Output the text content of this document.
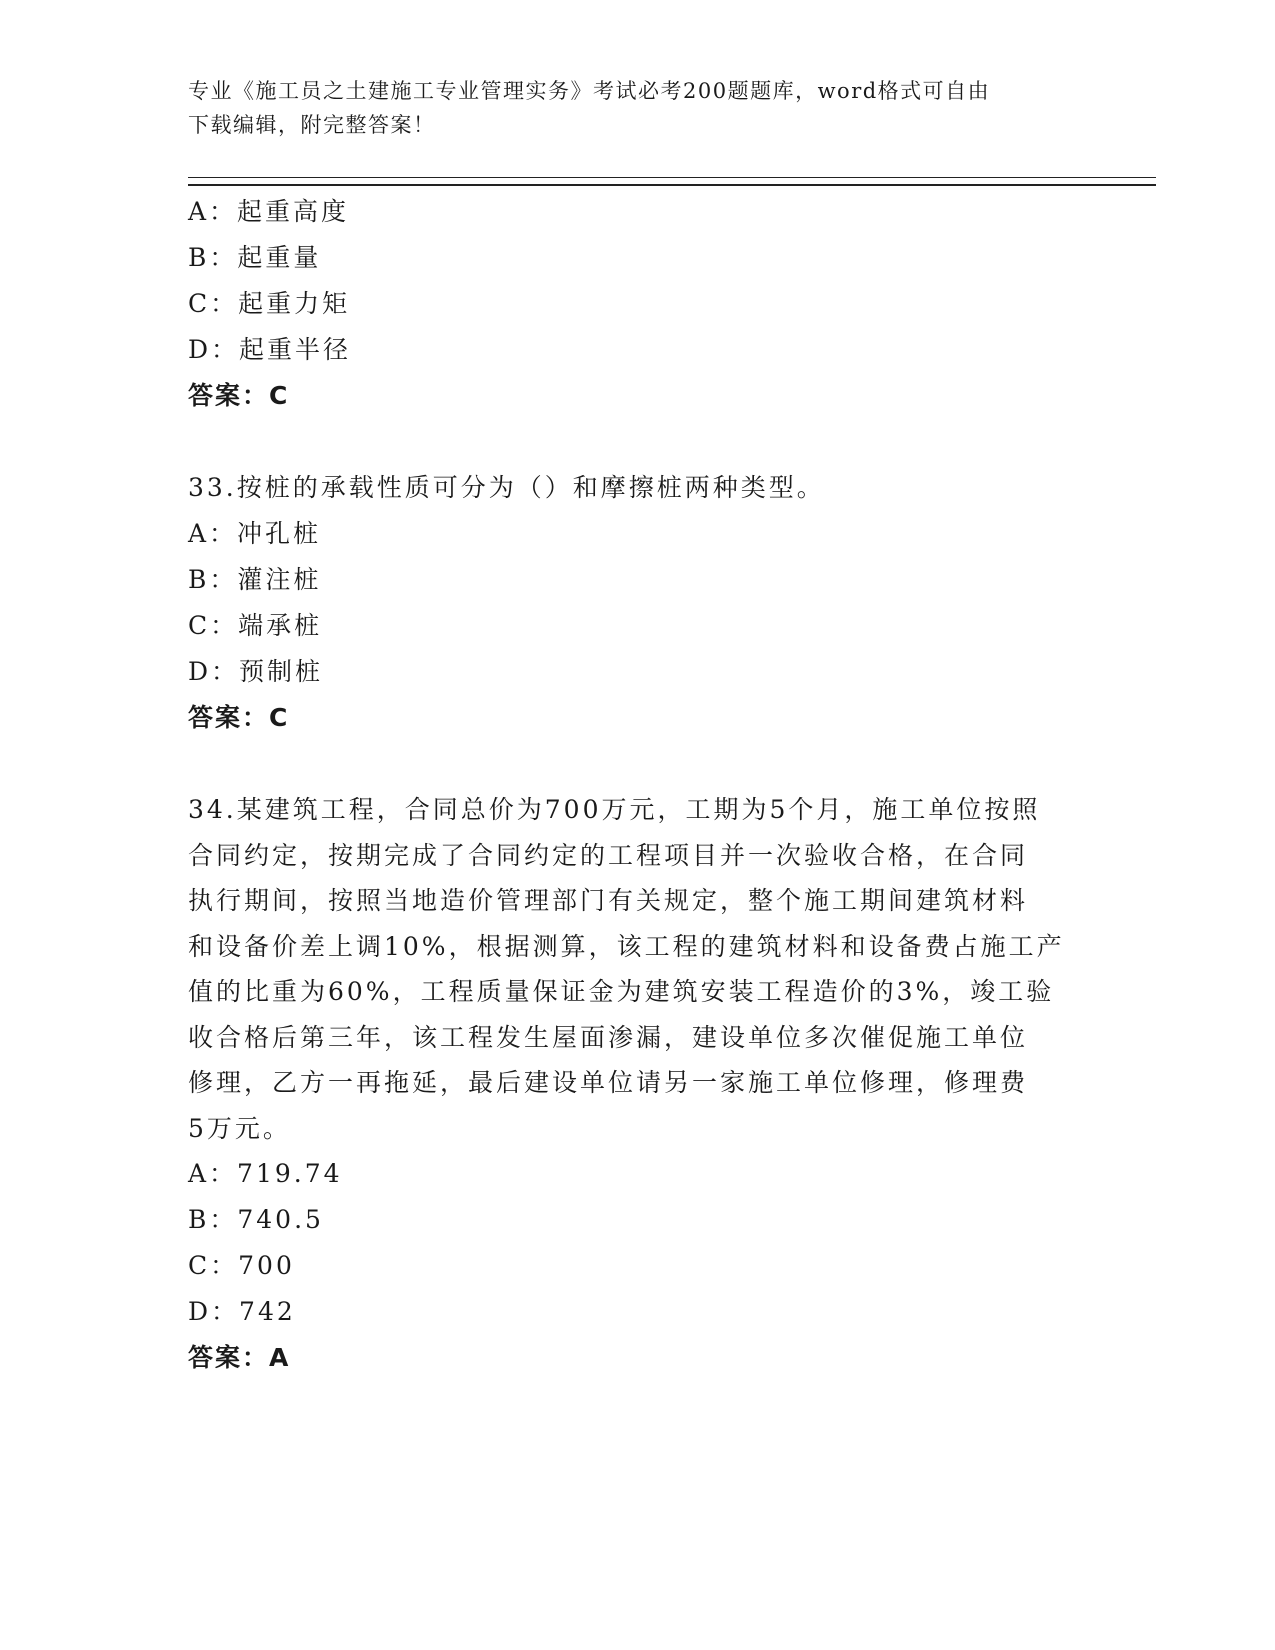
专业《施工员之土建施工专业管理实务》考试必考200题题库，word格式可自由
下载编辑，附完整答案！
A：起重高度
B：起重量
C：起重力矩
D：起重半径
答案：C
33.按桩的承载性质可分为（）和摩擦桩两种类型。
A：冲孔桩
B：灌注桩
C：端承桩
D：预制桩
答案：C
34.某建筑工程，合同总价为700万元，工期为5个月，施工单位按照
合同约定，按期完成了合同约定的工程项目并一次验收合格，在合同
执行期间，按照当地造价管理部门有关规定，整个施工期间建筑材料
和设备价差上调10%，根据测算，该工程的建筑材料和设备费占施工产
值的比重为60%，工程质量保证金为建筑安装工程造价的3%，竣工验
收合格后第三年，该工程发生屋面渗漏，建设单位多次催促施工单位
修理，乙方一再拖延，最后建设单位请另一家施工单位修理，修理费
5万元。
A：719.74
B：740.5
C：700
D：742
答案：A
